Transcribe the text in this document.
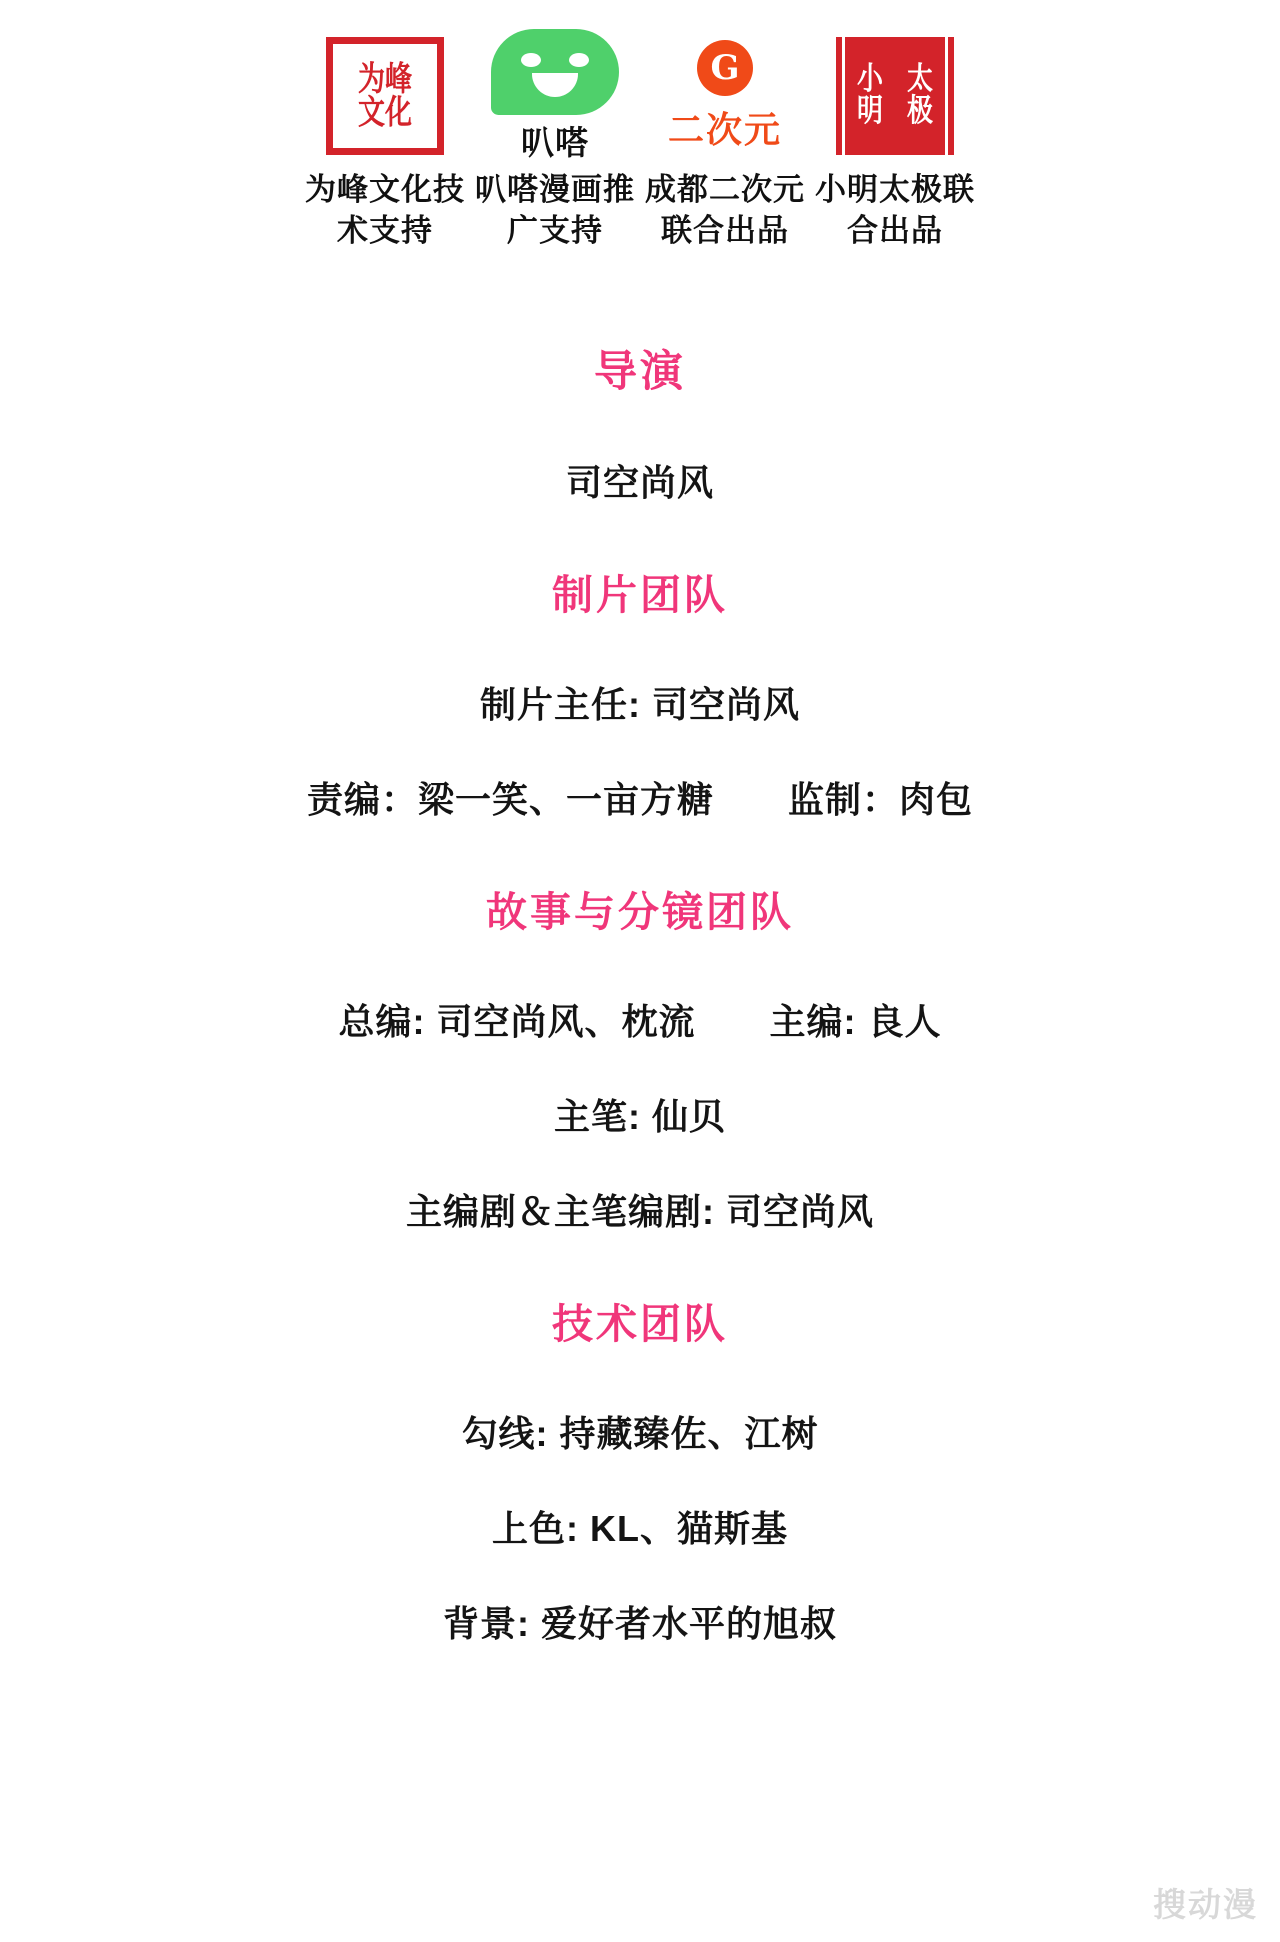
为峰
文化
为峰文化技术支持
叭嗒
叭嗒漫画推广支持
G
二次元
成都二次元联合出品
小明
太极
小明太极联合出品
导演
司空尚风
制片团队
制片主任: 司空尚风
责编：梁一笑、一亩方糖　　监制：肉包
故事与分镜团队
总编: 司空尚风、枕流　　主编: 良人
主笔: 仙贝
主编剧＆主笔编剧: 司空尚风
技术团队
勾线: 持藏臻佐、江树
上色: KL、猫斯基
背景: 爱好者水平的旭叔
搜动漫
